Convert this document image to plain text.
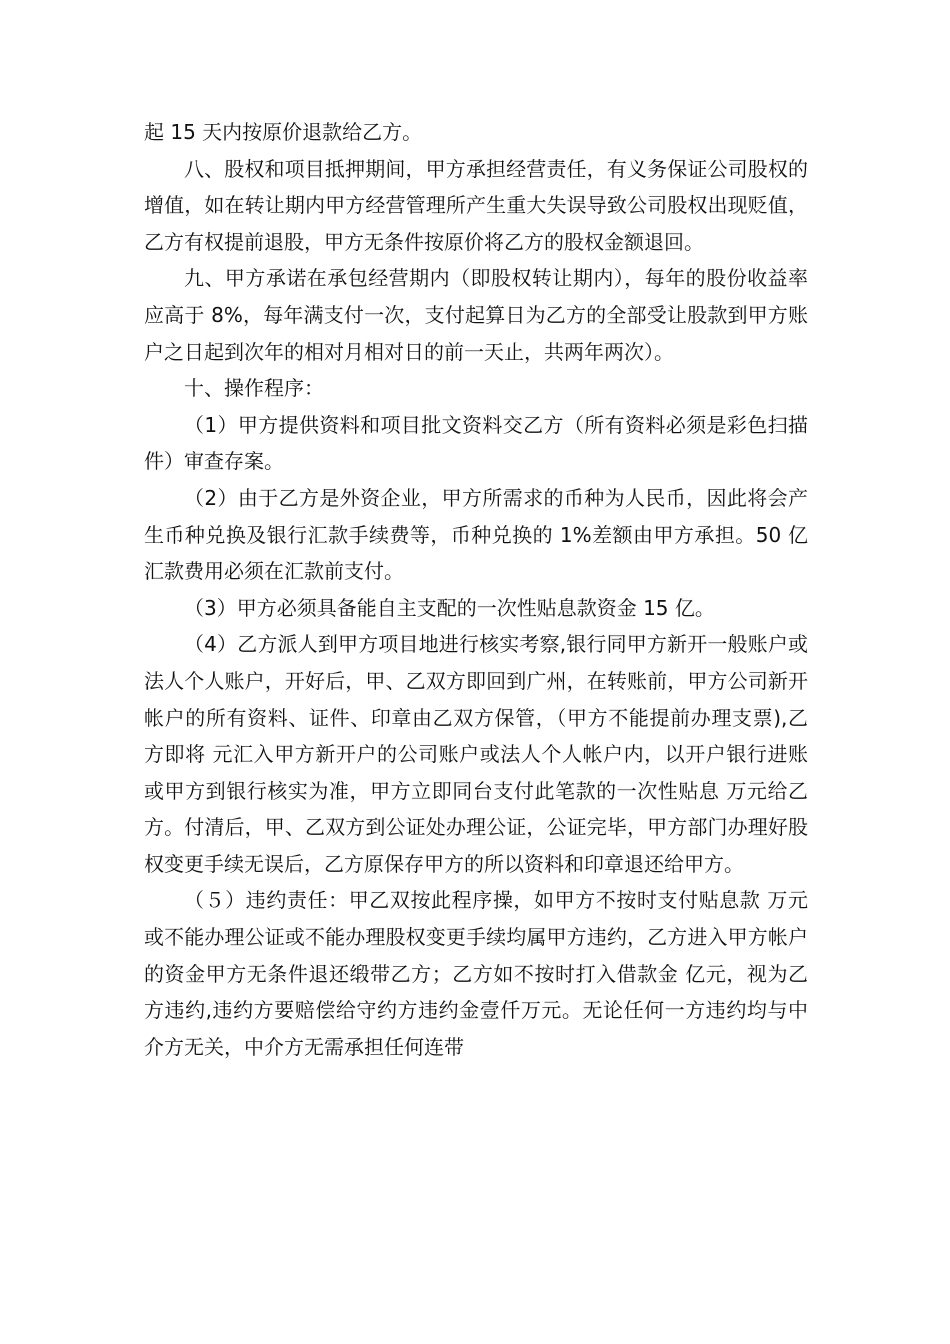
起 15 天内按原价退款给乙方。

八、股权和项目抵押期间，甲方承担经营责任，有义务保证公司股权的增值，如在转让期内甲方经营管理所产生重大失误导致公司股权出现贬值，乙方有权提前退股，甲方无条件按原价将乙方的股权金额退回。

九、甲方承诺在承包经营期内（即股权转让期内），每年的股份收益率应高于 8%，每年满支付一次，支付起算日为乙方的全部受让股款到甲方账户之日起到次年的相对月相对日的前一天止，共两年两次）。

十、操作程序：

（1）甲方提供资料和项目批文资料交乙方（所有资料必须是彩色扫描件）审查存案。

（2）由于乙方是外资企业，甲方所需求的币种为人民币，因此将会产生币种兑换及银行汇款手续费等，币种兑换的 1%差额由甲方承担。50 亿汇款费用必须在汇款前支付。

（3）甲方必须具备能自主支配的一次性贴息款资金 15 亿。

（4）乙方派人到甲方项目地进行核实考察,银行同甲方新开一般账户或法人个人账户，开好后，甲、乙双方即回到广州，在转账前，甲方公司新开帐户的所有资料、证件、印章由乙双方保管，（甲方不能提前办理支票),乙方即将 元汇入甲方新开户的公司账户或法人个人帐户内，以开户银行进账或甲方到银行核实为准，甲方立即同台支付此笔款的一次性贴息 万元给乙方。付清后，甲、乙双方到公证处办理公证，公证完毕，甲方部门办理好股权变更手续无误后，乙方原保存甲方的所以资料和印章退还给甲方。

（５）违约责任：甲乙双按此程序操，如甲方不按时支付贴息款 万元或不能办理公证或不能办理股权变更手续均属甲方违约，乙方进入甲方帐户的资金甲方无条件退还缎带乙方；乙方如不按时打入借款金 亿元，视为乙方违约,违约方要赔偿给守约方违约金壹仟万元。无论任何一方违约均与中介方无关，中介方无需承担任何连带
